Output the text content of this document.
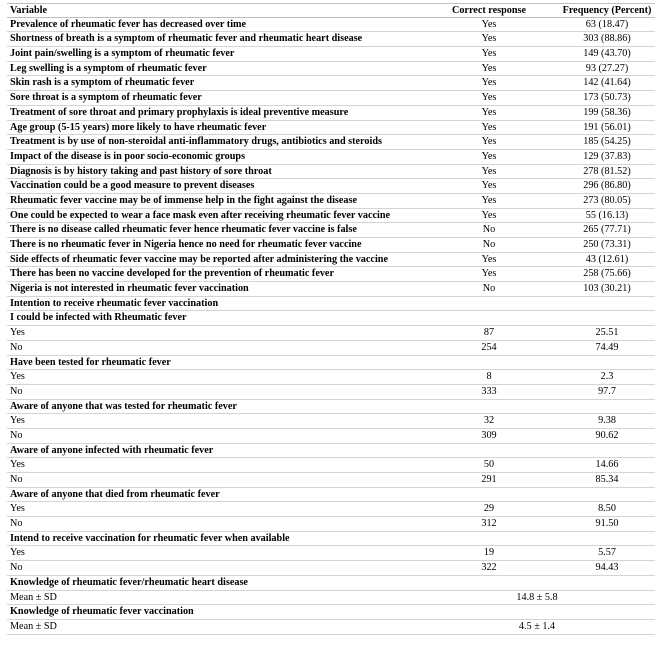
Variable	Correct response	Frequency (Percent)
Prevalence of rheumatic fever has decreased over time	Yes	63 (18.47)
Shortness of breath is a symptom of rheumatic fever and rheumatic heart disease	Yes	303 (88.86)
Joint pain/swelling is a symptom of rheumatic fever	Yes	149 (43.70)
Leg swelling is a symptom of rheumatic fever	Yes	93 (27.27)
Skin rash is a symptom of rheumatic fever	Yes	142 (41.64)
Sore throat is a symptom of rheumatic fever	Yes	173 (50.73)
Treatment of sore throat and primary prophylaxis is ideal preventive measure	Yes	199 (58.36)
Age group (5-15 years) more likely to have rheumatic fever	Yes	191 (56.01)
Treatment is by use of non-steroidal anti-inflammatory drugs, antibiotics and steroids	Yes	185 (54.25)
Impact of the disease is in poor socio-economic groups	Yes	129 (37.83)
Diagnosis is by history taking and past history of sore throat	Yes	278 (81.52)
Vaccination could be a good measure to prevent diseases	Yes	296 (86.80)
Rheumatic fever vaccine may be of immense help in the fight against the disease	Yes	273 (80.05)
One could be expected to wear a face mask even after receiving rheumatic fever vaccine	Yes	55 (16.13)
There is no disease called rheumatic fever hence rheumatic fever vaccine is false	No	265 (77.71)
There is no rheumatic fever in Nigeria hence no need for rheumatic fever vaccine	No	250 (73.31)
Side effects of rheumatic fever vaccine may be reported after administering the vaccine	Yes	43 (12.61)
There has been no vaccine developed for the prevention of rheumatic fever	Yes	258 (75.66)
Nigeria is not interested in rheumatic fever vaccination	No	103 (30.21)
Intention to receive rheumatic fever vaccination
I could be infected with Rheumatic fever
Yes	87	25.51
No	254	74.49
Have been tested for rheumatic fever
Yes	8	2.3
No	333	97.7
Aware of anyone that was tested for rheumatic fever
Yes	32	9.38
No	309	90.62
Aware of anyone infected with rheumatic fever
Yes	50	14.66
No	291	85.34
Aware of anyone that died from rheumatic fever
Yes	29	8.50
No	312	91.50
Intend to receive vaccination for rheumatic fever when available
Yes	19	5.57
No	322	94.43
Knowledge of rheumatic fever/rheumatic heart disease
Mean ± SD	14.8 ± 5.8
Knowledge of rheumatic fever vaccination
Mean ± SD	4.5 ± 1.4
